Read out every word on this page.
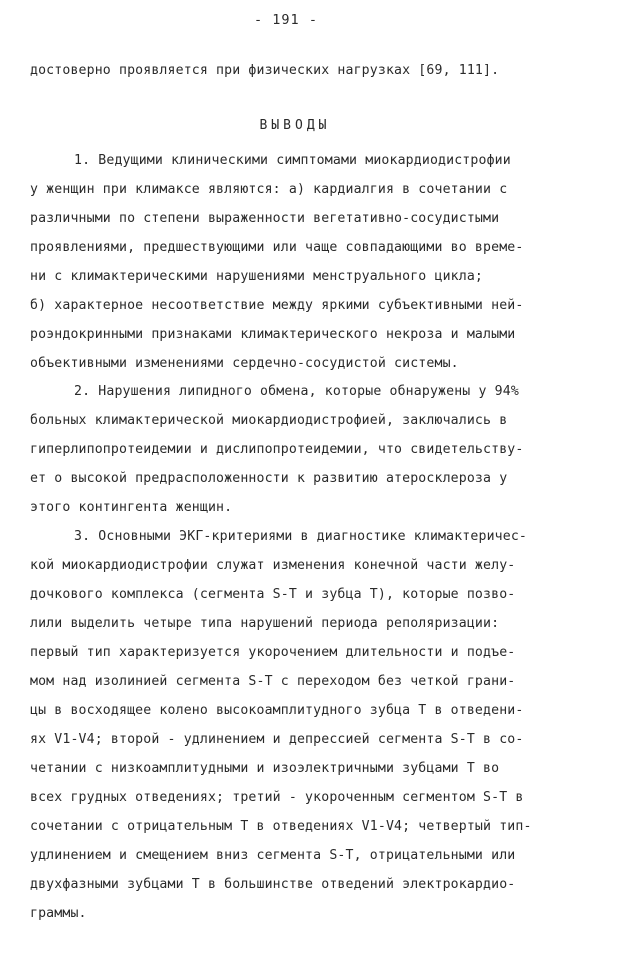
- 191 -
достоверно проявляется при физических нагрузках [69, 111].
ВЫВОДЫ
1. Ведущими клиническими симптомами миокардиодистрофии
у женщин при климаксе являются: а) кардиалгия в сочетании с
различными по степени выраженности вегетативно-сосудистыми
проявлениями, предшествующими или чаще совпадающими во време-
ни с климактерическими нарушениями менструального цикла;
б) характерное несоответствие между яркими субъективными ней-
роэндокринными признаками климактерического некроза и малыми
объективными изменениями сердечно-сосудистой системы.
2. Нарушения липидного обмена, которые обнаружены у 94%
больных климактерической миокардиодистрофией, заключались в
гиперлипопротеидемии и дислипопротеидемии, что свидетельству-
ет о высокой предрасположенности к развитию атеросклероза у
этого контингента женщин.
3. Основными ЭКГ-критериями в диагностике климактеричес-
кой миокардиодистрофии служат изменения конечной части желу-
дочкового комплекса (сегмента S-T и зубца T), которые позво-
лили выделить четыре типа нарушений периода реполяризации:
первый тип характеризуется укорочением длительности и подъе-
мом над изолинией сегмента S-T с переходом без четкой грани-
цы в восходящее колено высокоамплитудного зубца T в отведени-
ях V1-V4; второй - удлинением и депрессией сегмента S-T в со-
четании с низкоамплитудными и изоэлектричными зубцами T во
всех грудных отведениях; третий - укороченным сегментом S-T в
сочетании с отрицательным T в отведениях V1-V4; четвертый тип-
удлинением и смещением вниз сегмента S-T, отрицательными или
двухфазными зубцами T в большинстве отведений электрокардио-
граммы.
